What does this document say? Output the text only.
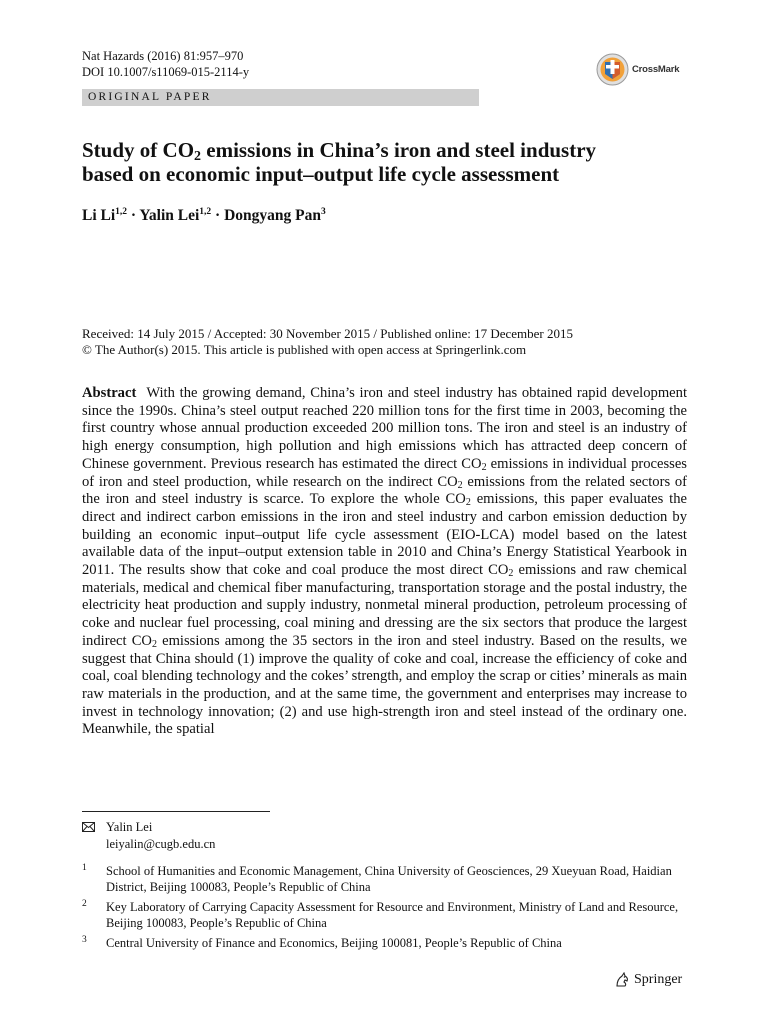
Nat Hazards (2016) 81:957–970
DOI 10.1007/s11069-015-2114-y	CrossMark
ORIGINAL PAPER
Study of $CO_2$ emissions in China’s iron and steel industry
based on economic input–output life cycle assessment
Li Li$^{1,2}$ · Yalin Lei$^{1,2}$ · Dongyang Pan$^3$
Received: 14 July 2015 / Accepted: 30 November 2015 / Published online: 17 December 2015
© The Author(s) 2015. This article is published with open access at Springerlink.com

Abstract With the growing demand, China’s iron and steel industry has obtained rapid development since the 1990s. China’s steel output reached 220 million tons for the first time in 2003, becoming the first country whose annual production exceeded 200 million tons. The iron and steel is an industry of high energy consumption, high pollution and high emissions which has attracted deep concern of Chinese government. Previous research has estimated the direct $CO_2$ emissions in individual processes of iron and steel production, while research on the indirect $CO_2$ emissions from the related sectors of the iron and steel industry is scarce. To explore the whole $CO_2$ emissions, this paper evaluates the direct and indirect carbon emissions in the iron and steel industry and carbon emission deduction by building an economic input–output life cycle assessment (EIO-LCA) model based on the latest available data of the input–output extension table in 2010 and China’s Energy Statistical Yearbook in 2011. The results show that coke and coal produce the most direct $CO_2$ emissions and raw chemical materials, medical and chemical fiber manufacturing, transportation storage and the postal industry, the electricity heat production and supply industry, nonmetal mineral production, petroleum processing of coke and nuclear fuel processing, coal mining and dressing are the six sectors that produce the largest indirect $CO_2$ emissions among the 35 sectors in the iron and steel industry. Based on the results, we suggest that China should (1) improve the quality of coke and coal, increase the efficiency of coke and coal, coal blending technology and the cokes’ strength, and employ the scrap or cities’ minerals as main raw materials in the production, and at the same time, the government and enterprises may increase to invest in technology innovation; (2) and use high-strength iron and steel instead of the ordinary one. Meanwhile, the spatial

Yalin Lei
leiyalin@cugb.edu.cn
1 School of Humanities and Economic Management, China University of Geosciences, 29 Xueyuan Road, Haidian District, Beijing 100083, People’s Republic of China
2 Key Laboratory of Carrying Capacity Assessment for Resource and Environment, Ministry of Land and Resource, Beijing 100083, People’s Republic of China
3 Central University of Finance and Economics, Beijing 100081, People’s Republic of China
Springer
